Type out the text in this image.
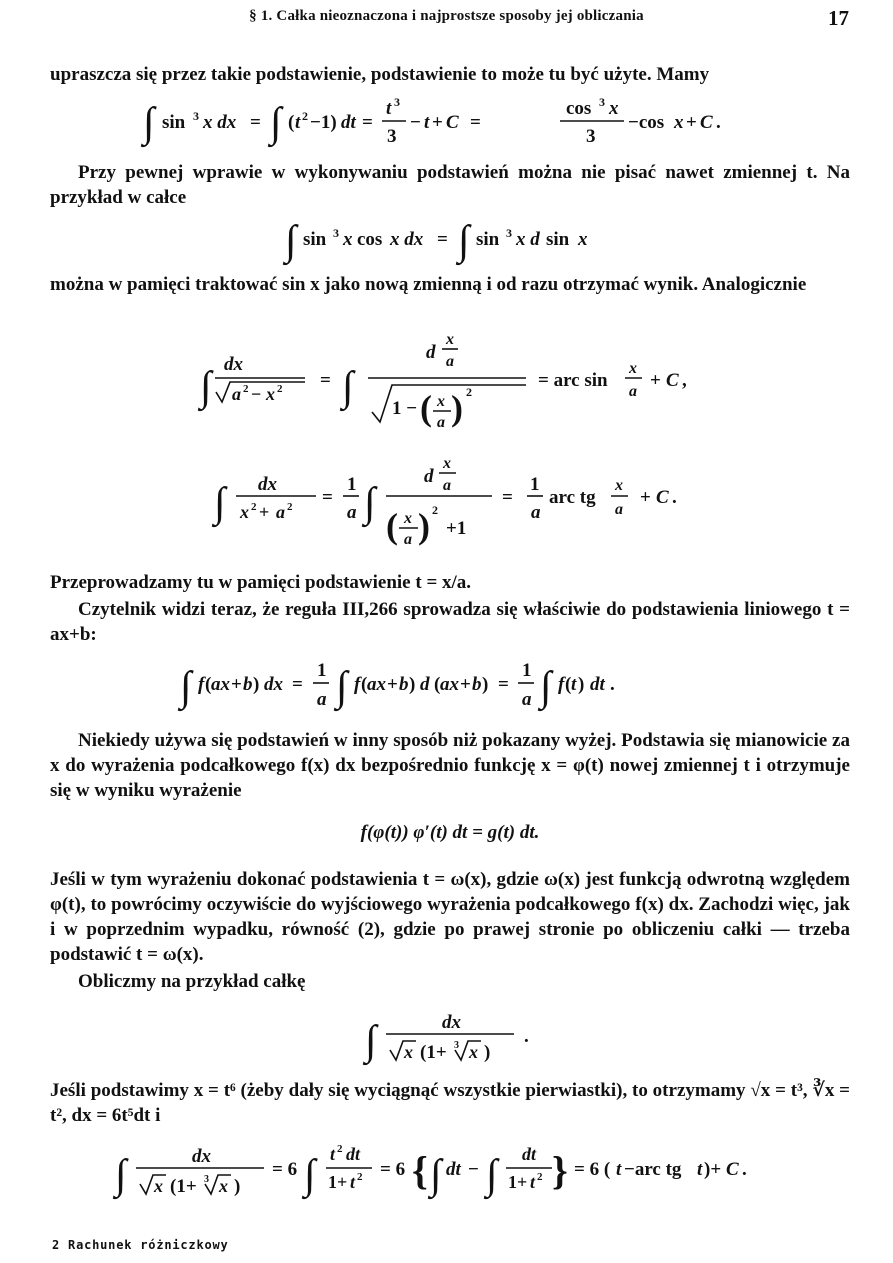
§ 1. Całka nieoznaczona i najprostsze sposoby jej obliczania	17
upraszcza się przez takie podstawienie, podstawienie to może tu być użyte. Mamy
∫ sin 3 x dx = ∫ ( t 2 −1) dt =
t 3
3
− t + C =
cos 3 x
3
−cos x + C .
Przy pewnej wprawie w wykonywaniu podstawień można nie pisać nawet zmiennej t. Na przykład w całce
∫ sin 3 x cos x dx = ∫ sin 3 x d sin x
można w pamięci traktować sin x jako nową zmienną i od razu otrzymać wynik. Analogicznie
∫ dx
a 2 − x 2 = ∫
d
x
a
1 − ( x
a ) 2
= arc sin
x
a
+ C ,
∫ dx
x 2 + a 2 =
1
a ∫
d
x
a
( x
a ) 2
+1
=
1
a
arc tg
x
a
+ C .
Przeprowadzamy tu w pamięci podstawienie t = x/a.
Czytelnik widzi teraz, że reguła III,266 sprowadza się właściwie do podstawienia liniowego t = ax+b:
∫ f ( ax + b ) dx =
1
a ∫ f ( ax + b ) d ( ax + b ) =
1
a ∫ f ( t ) dt .
Niekiedy używa się podstawień w inny sposób niż pokazany wyżej. Podstawia się mianowicie za x do wyrażenia podcałkowego f(x) dx bezpośrednio funkcję x = φ(t) nowej zmiennej t i otrzymuje się w wyniku wyrażenie
f(φ(t)) φ′(t) dt = g(t) dt.
Jeśli w tym wyrażeniu dokonać podstawienia t = ω(x), gdzie ω(x) jest funkcją odwrotną względem φ(t), to powrócimy oczywiście do wyjściowego wyrażenia podcałkowego f(x) dx. Zachodzi więc, jak i w poprzednim wypadku, równość (2), gdzie po prawej stronie po obliczeniu całki — trzeba podstawić t = ω(x).
Obliczmy na przykład całkę
∫	dx
x (1+ 3 x )
.
Jeśli podstawimy x = t⁶ (żeby dały się wyciągnąć wszystkie pierwiastki), to otrzymamy √x = t³, ∛x = t², dx = 6t⁵dt i
∫	dx
x (1+ 3 x )
= 6 ∫ t 2 dt
1+ t 2 = 6 { ∫ dt − ∫ dt
1+ t 2 } = 6 ( t −arc tg t )+ C .
2 Rachunek różniczkowy
